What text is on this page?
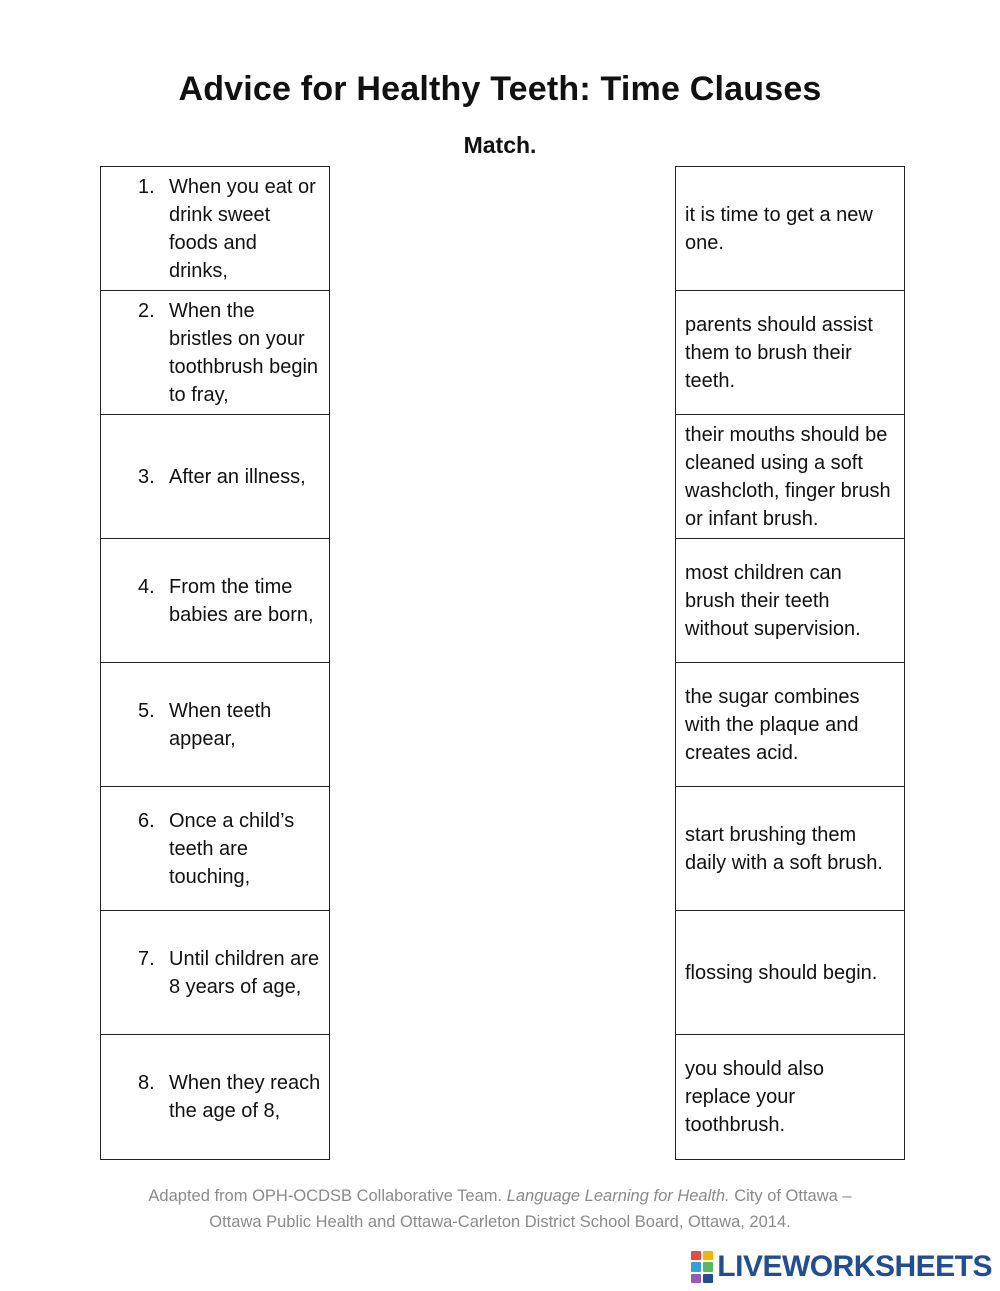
Advice for Healthy Teeth: Time Clauses
Match.
1. When you eat or drink sweet foods and drinks,
2. When the bristles on your toothbrush begin to fray,
3. After an illness,
4. From the time babies are born,
5. When teeth appear,
6. Once a child’s teeth are touching,
7. Until children are 8 years of age,
8. When they reach the age of 8,
it is time to get a new one.
parents should assist them to brush their teeth.
their mouths should be cleaned using a soft washcloth, finger brush or infant brush.
most children can brush their teeth without supervision.
the sugar combines with the plaque and creates acid.
start brushing them daily with a soft brush.
flossing should begin.
you should also replace your toothbrush.
Adapted from OPH-OCDSB Collaborative Team. Language Learning for Health. City of Ottawa –
Ottawa Public Health and Ottawa-Carleton District School Board, Ottawa, 2014.
LIVEWORKSHEETS
